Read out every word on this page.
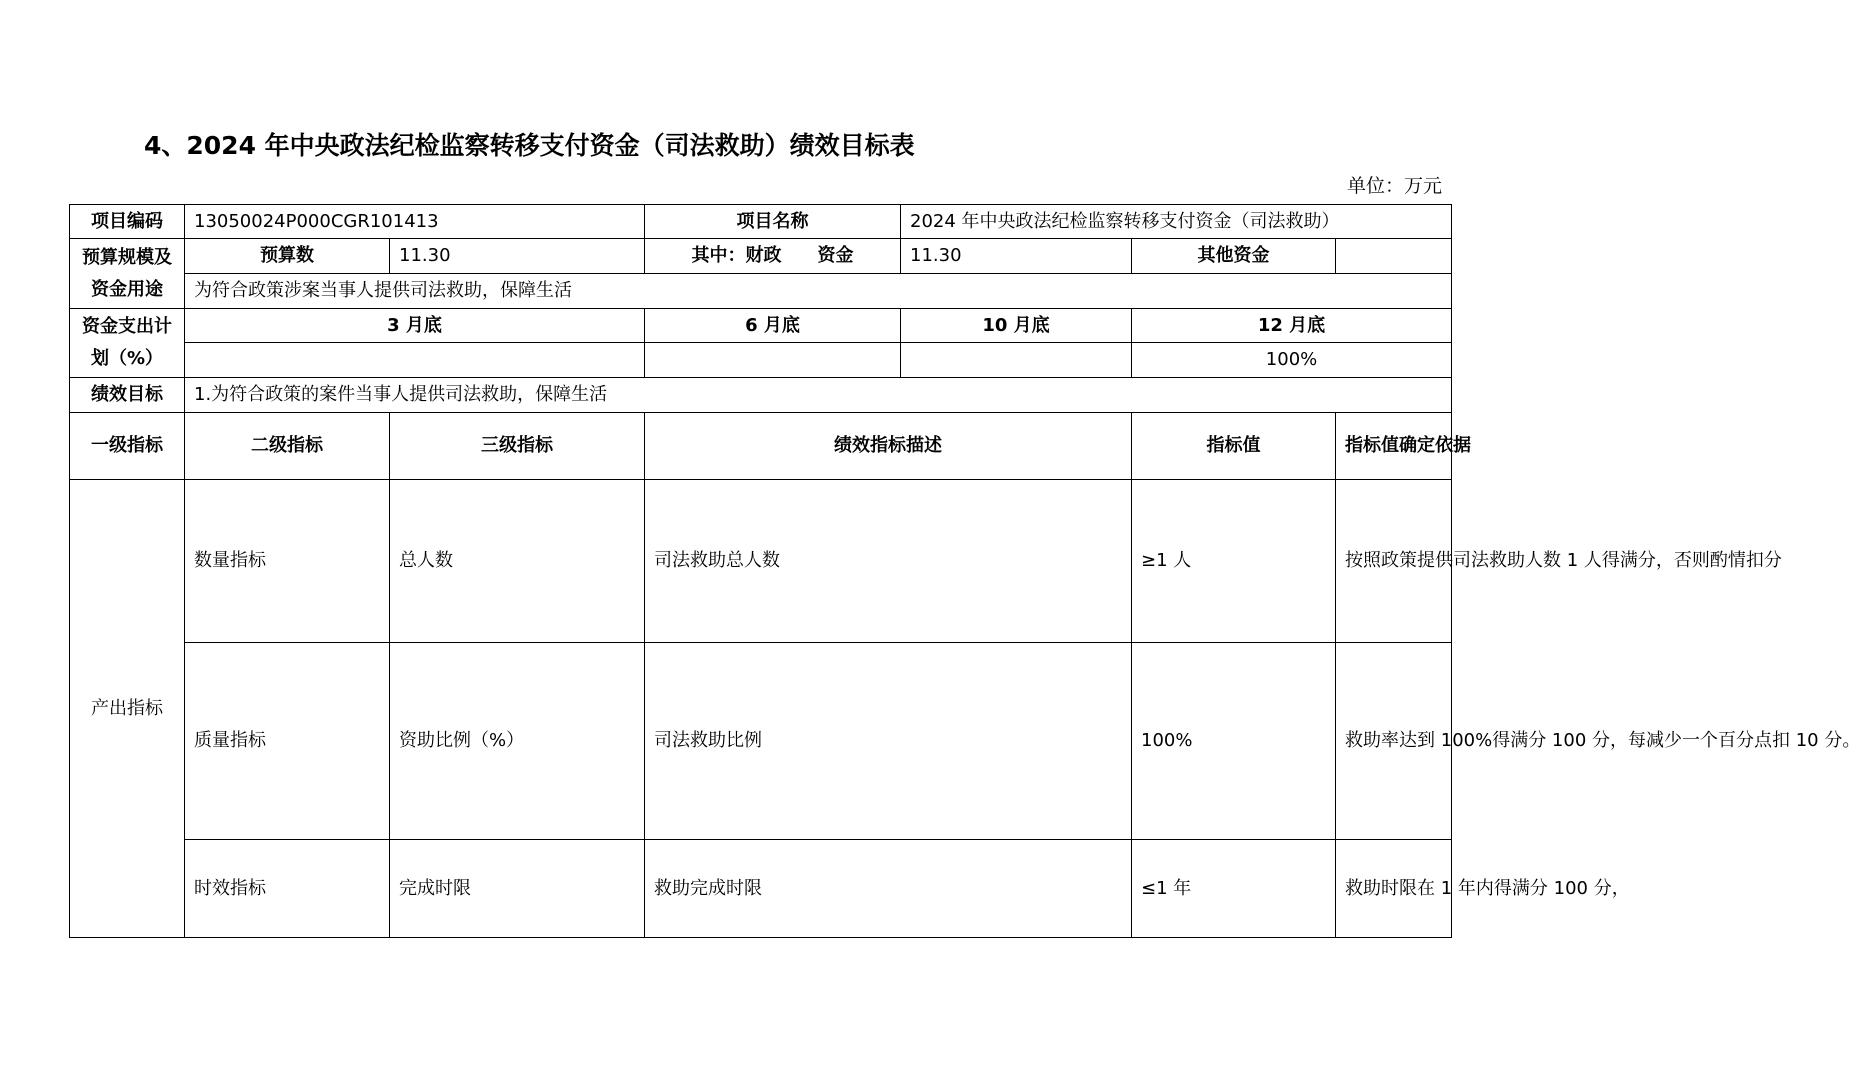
4、2024 年中央政法纪检监察转移支付资金（司法救助）绩效目标表
单位：万元
项目编码	13050024P000CGR101413		项目名称	2024 年中央政法纪检监察转移支付资金（司法救助）		

预算规模及
资金用途	预算数	11.30	其中：财政　　资金	11.30	其他资金	
	为符合政策涉案当事人提供司法救助，保障生活					

资金支出计
划（%）	3 月底		6 月底	10 月底	12 月底	
					100%	
绩效目标	1.为符合政策的案件当事人提供司法救助，保障生活					
一级指标	二级指标	三级指标	绩效指标描述		指标值	指标值确定依据
产出指标	数量指标	总人数	司法救助总人数		≥1 人	按照政策提供司法救助人数 1 人得满分，否则酌情扣分
	质量指标	资助比例（%）	司法救助比例		100%	救助率达到 100%得满分 100 分，每减少一个百分点扣 10 分。
	时效指标	完成时限	救助完成时限		≤1 年	救助时限在 1 年内得满分 100 分，
